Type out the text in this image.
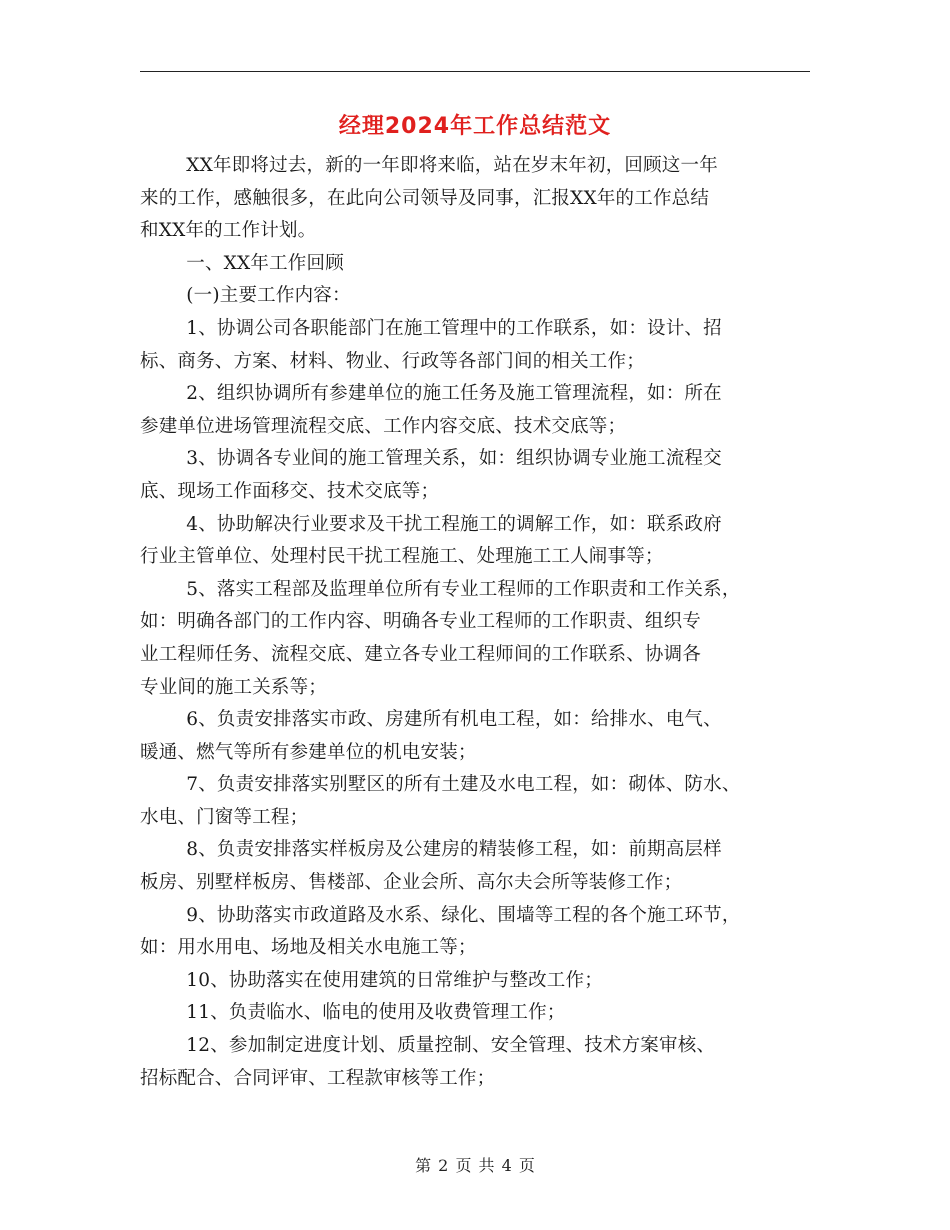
经理2024年工作总结范文

XX年即将过去，新的一年即将来临，站在岁末年初，回顾这一年
来的工作，感触很多，在此向公司领导及同事，汇报XX年的工作总结
和XX年的工作计划。

一、XX年工作回顾

(一)主要工作内容：

1、协调公司各职能部门在施工管理中的工作联系，如：设计、招
标、商务、方案、材料、物业、行政等各部门间的相关工作；

2、组织协调所有参建单位的施工任务及施工管理流程，如：所在
参建单位进场管理流程交底、工作内容交底、技术交底等；

3、协调各专业间的施工管理关系，如：组织协调专业施工流程交
底、现场工作面移交、技术交底等；

4、协助解决行业要求及干扰工程施工的调解工作，如：联系政府
行业主管单位、处理村民干扰工程施工、处理施工工人闹事等；

5、落实工程部及监理单位所有专业工程师的工作职责和工作关系，
如：明确各部门的工作内容、明确各专业工程师的工作职责、组织专
业工程师任务、流程交底、建立各专业工程师间的工作联系、协调各
专业间的施工关系等；

6、负责安排落实市政、房建所有机电工程，如：给排水、电气、
暖通、燃气等所有参建单位的机电安装；

7、负责安排落实别墅区的所有土建及水电工程，如：砌体、防水、
水电、门窗等工程；

8、负责安排落实样板房及公建房的精装修工程，如：前期高层样
板房、别墅样板房、售楼部、企业会所、高尔夫会所等装修工作；

9、协助落实市政道路及水系、绿化、围墙等工程的各个施工环节，
如：用水用电、场地及相关水电施工等；

10、协助落实在使用建筑的日常维护与整改工作；

11、负责临水、临电的使用及收费管理工作；

12、参加制定进度计划、质量控制、安全管理、技术方案审核、
招标配合、合同评审、工程款审核等工作；

第 2 页 共 4 页
